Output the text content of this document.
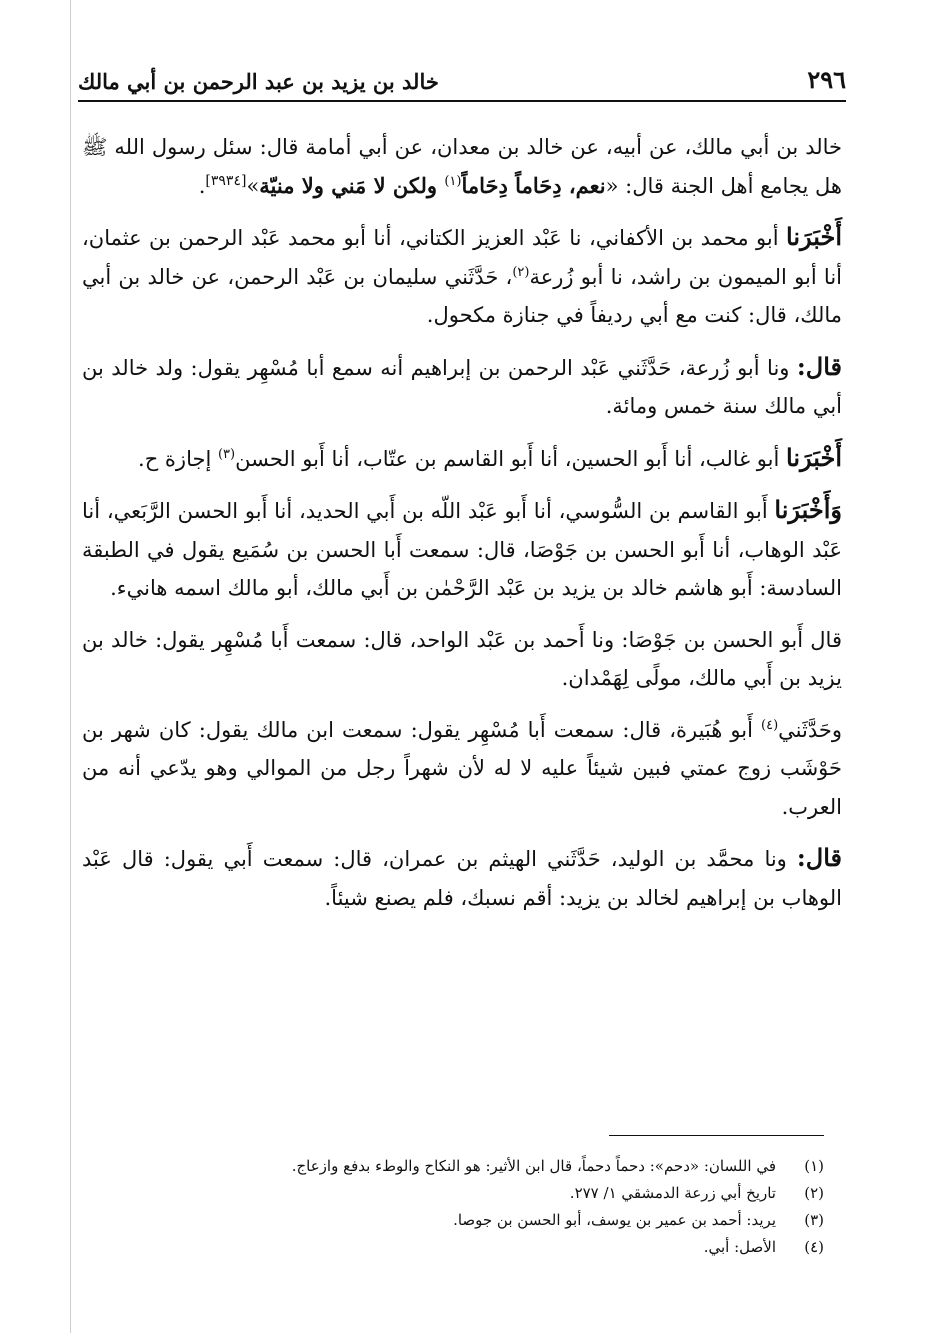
٢٩٦
خالد بن يزيد بن عبد الرحمن بن أبي مالك

خالد بن أبي مالك، عن أبيه، عن خالد بن معدان، عن أبي أمامة قال: سئل رسول الله ﷺ هل يجامع أهل الجنة قال: «نعم، دِحَاماً دِحَاماً$^{(١)}$ ولكن لا مَني ولا منيّة»[٣٩٣٤].

أَخْبَرَنا أبو محمد بن الأكفاني، نا عَبْد العزيز الكتاني، أنا أبو محمد عَبْد الرحمن بن عثمان، أنا أبو الميمون بن راشد، نا أبو زُرعة$^{(٢)}$، حَدَّثَني سليمان بن عَبْد الرحمن، عن خالد بن أبي مالك، قال: كنت مع أبي رديفاً في جنازة مكحول.

قال: ونا أبو زُرعة، حَدَّثَني عَبْد الرحمن بن إبراهيم أنه سمع أبا مُسْهِر يقول: ولد خالد بن أبي مالك سنة خمس ومائة.

أَخْبَرَنا أبو غالب، أنا أَبو الحسين، أنا أَبو القاسم بن عتّاب، أنا أَبو الحسن$^{(٣)}$ إجازة ح.

وَأَخْبَرَنا أَبو القاسم بن السُّوسي، أنا أَبو عَبْد اللّه بن أَبي الحديد، أنا أَبو الحسن الرَّبَعي، أنا عَبْد الوهاب، أنا أَبو الحسن بن جَوْصَا، قال: سمعت أَبا الحسن بن سُمَيع يقول في الطبقة السادسة: أَبو هاشم خالد بن يزيد بن عَبْد الرَّحْمٰن بن أَبي مالك، أبو مالك اسمه هانيء.

قال أَبو الحسن بن جَوْصَا: ونا أَحمد بن عَبْد الواحد، قال: سمعت أَبا مُسْهِر يقول: خالد بن يزيد بن أَبي مالك، مولًى لِهَمْدان.

وحَدَّثَني$^{(٤)}$ أَبو هُبَيرة، قال: سمعت أَبا مُسْهِر يقول: سمعت ابن مالك يقول: كان شهر بن حَوْشَب زوج عمتي فبين شيئاً عليه لا له لأن شهراً رجل من الموالي وهو يدّعي أنه من العرب.

قال: ونا محمَّد بن الوليد، حَدَّثَني الهيثم بن عمران، قال: سمعت أَبي يقول: قال عَبْد الوهاب بن إبراهيم لخالد بن يزيد: أقم نسبك، فلم يصنع شيئاً.

(١)
في اللسان: «دحم»: دحماً دحماً، قال ابن الأثير: هو النكاح والوطء بدفع وازعاج.
(٢)
تاريخ أبي زرعة الدمشقي ١/ ٢٧٧.
(٣)
يريد: أحمد بن عمير بن يوسف، أبو الحسن بن جوصا.
(٤)
الأصل: أبي.
